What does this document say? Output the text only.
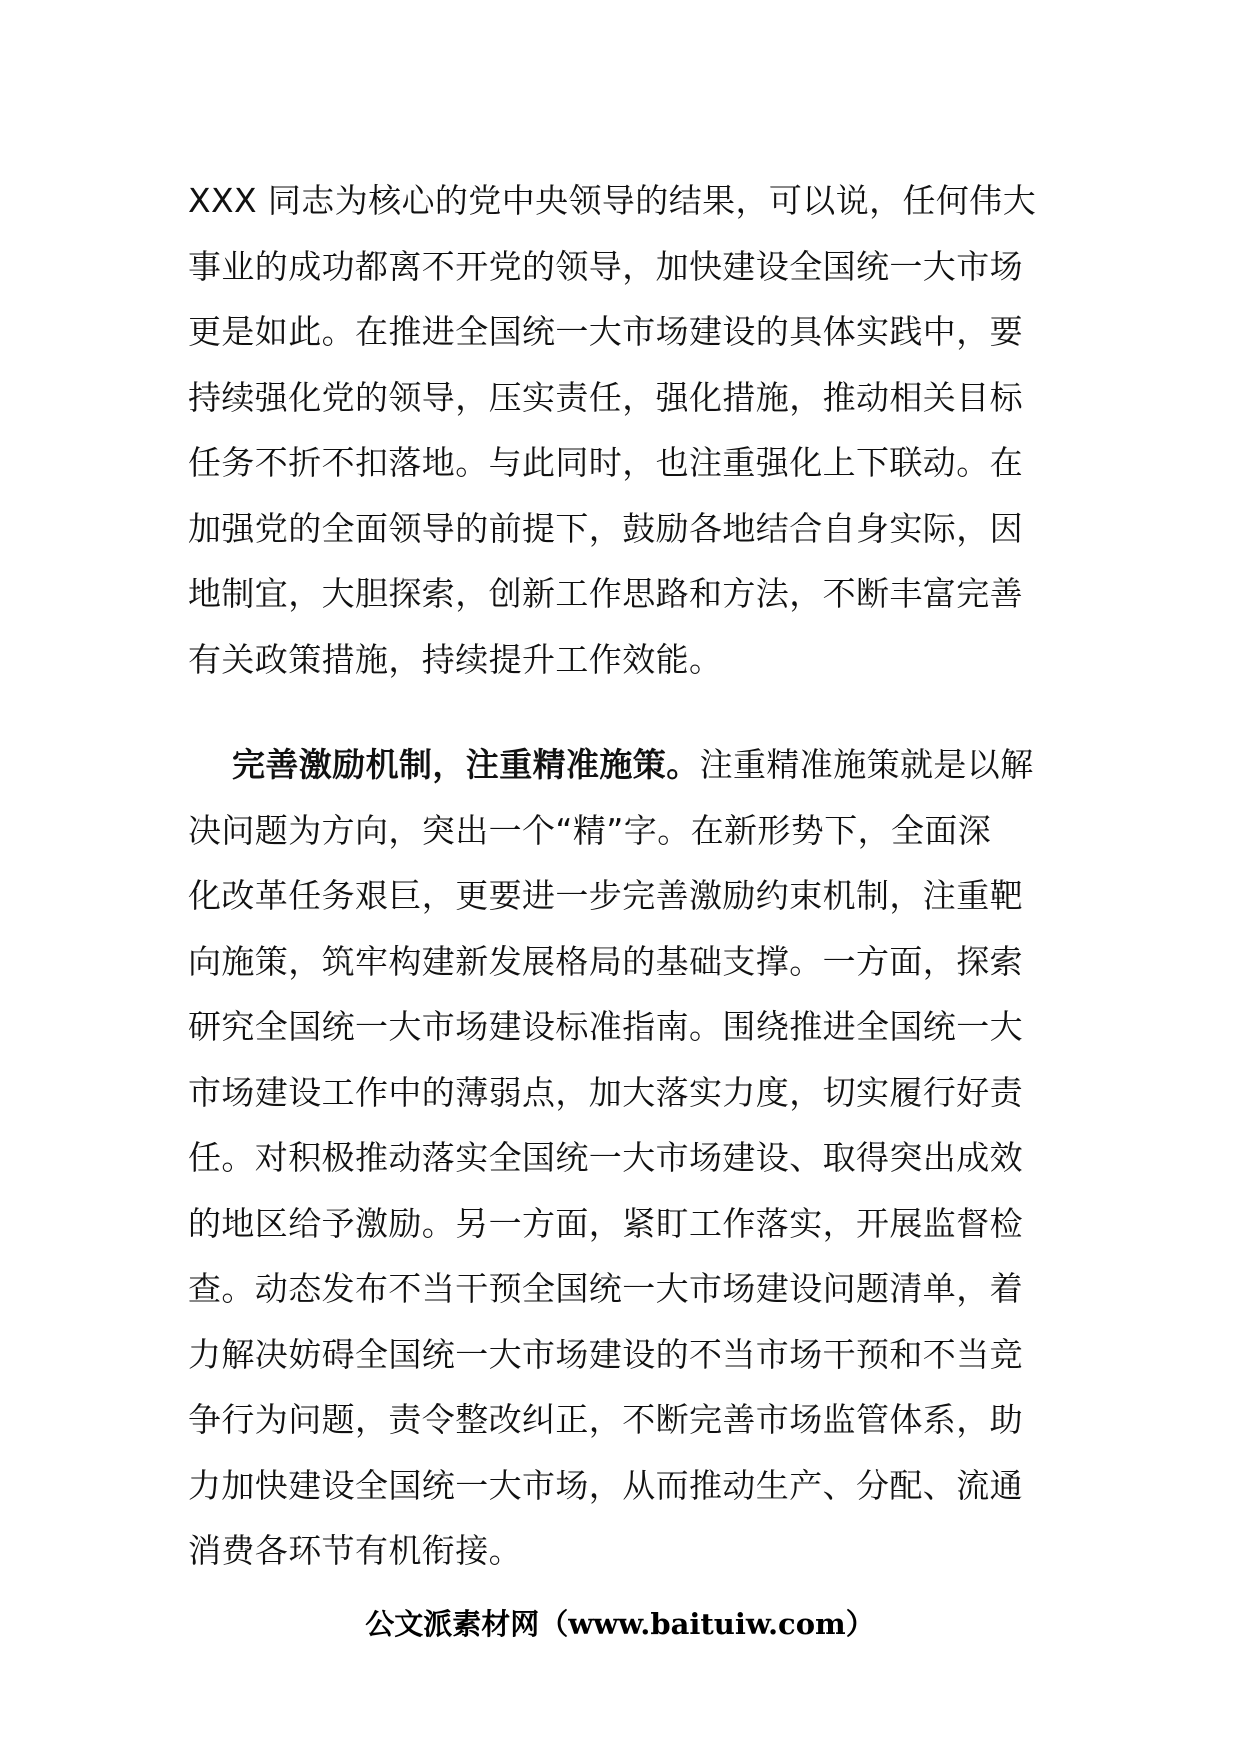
XXX 同志为核心的党中央领导的结果，可以说，任何伟大
事业的成功都离不开党的领导，加快建设全国统一大市场
更是如此。在推进全国统一大市场建设的具体实践中，要
持续强化党的领导，压实责任，强化措施，推动相关目标
任务不折不扣落地。与此同时，也注重强化上下联动。在
加强党的全面领导的前提下，鼓励各地结合自身实际，因
地制宜，大胆探索，创新工作思路和方法，不断丰富完善
有关政策措施，持续提升工作效能。
完善激励机制，注重精准施策。注重精准施策就是以解
决问题为方向，突出一个“精”字。在新形势下，全面深
化改革任务艰巨，更要进一步完善激励约束机制，注重靶
向施策，筑牢构建新发展格局的基础支撑。一方面，探索
研究全国统一大市场建设标准指南。围绕推进全国统一大
市场建设工作中的薄弱点，加大落实力度，切实履行好责
任。对积极推动落实全国统一大市场建设、取得突出成效
的地区给予激励。另一方面，紧盯工作落实，开展监督检
查。动态发布不当干预全国统一大市场建设问题清单，着
力解决妨碍全国统一大市场建设的不当市场干预和不当竞
争行为问题，责令整改纠正，不断完善市场监管体系，助
力加快建设全国统一大市场，从而推动生产、分配、流通
消费各环节有机衔接。
公文派素材网（www.baituiw.com）
